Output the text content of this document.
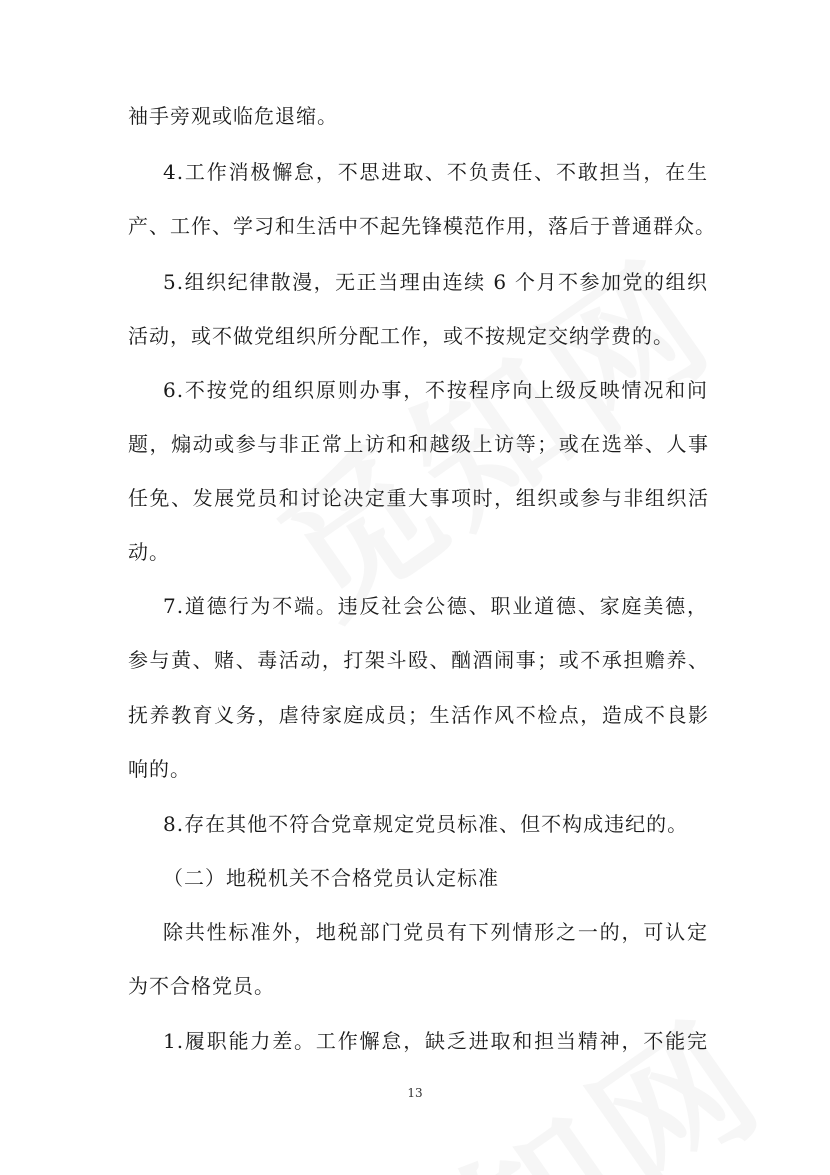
袖手旁观或临危退缩。
4.工作消极懈怠，不思进取、不负责任、不敢担当，在生
产、工作、学习和生活中不起先锋模范作用，落后于普通群众。
5.组织纪律散漫，无正当理由连续 6 个月不参加党的组织
活动，或不做党组织所分配工作，或不按规定交纳学费的。
6.不按党的组织原则办事，不按程序向上级反映情况和问
题，煽动或参与非正常上访和和越级上访等；或在选举、人事
任免、发展党员和讨论决定重大事项时，组织或参与非组织活
动。
7.道德行为不端。违反社会公德、职业道德、家庭美德，
参与黄、赌、毒活动，打架斗殴、酗酒闹事；或不承担赡养、
抚养教育义务，虐待家庭成员；生活作风不检点，造成不良影
响的。
8.存在其他不符合党章规定党员标准、但不构成违纪的。
（二）地税机关不合格党员认定标准
除共性标准外，地税部门党员有下列情形之一的，可认定
为不合格党员。
1.履职能力差。工作懈怠，缺乏进取和担当精神，不能完
13
